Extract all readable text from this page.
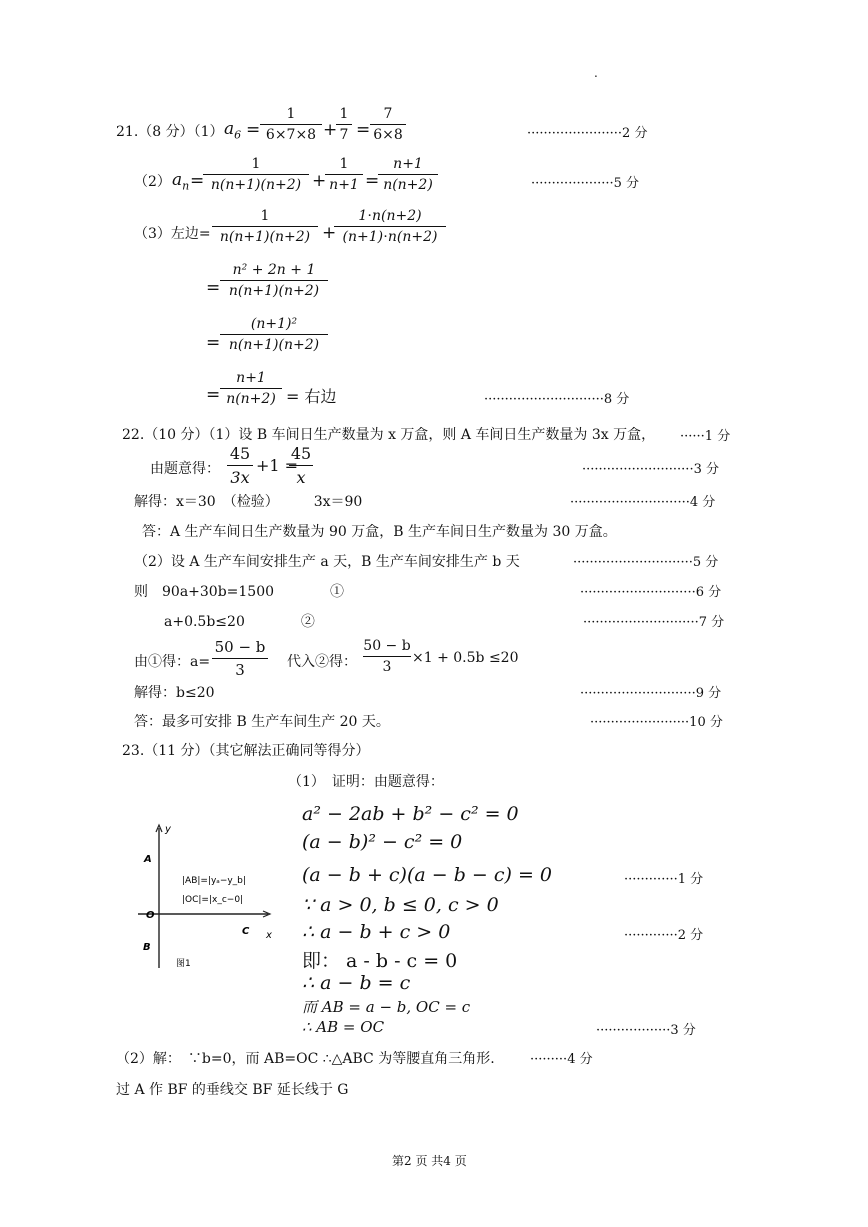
.
21.（8 分）（1） $a_6$ =
1
6×7×8 +
1
7 =
7
6×8	·······················2 分
（2） $a_n$ =
1
n(n+1)(n+2) +
1
n+1 =
n+1
n(n+2)	····················5 分
（3）左边=
1
n(n+1)(n+2) +
1⋅n(n+2)
(n+1)⋅n(n+2)
=
n² + 2n + 1
n(n+1)(n+2)
=
(n+1)²
n(n+1)(n+2)
=
n+1
n(n+2) = 右边	·····························8 分
22.（10 分）（1）设 B 车间日生产数量为 x 万盒，则 A 车间日生产数量为 3x 万盒， ······1 分
由题意得：
45
3x
+1 =
45
x	···························3 分
解得：x＝30　（检验）　　　3x＝90	·····························4 分
答：A 生产车间日生产数量为 90 万盒，B 生产车间日生产数量为 30 万盒。
（2）设 A 生产车间安排生产 a 天，B 生产车间安排生产 b 天	·····························5 分
则　90a+30b=1500　　　　①	····························6 分
a+0.5b≤20　　　　②	····························7 分
由①得：a=
50 − b
3	代入②得：
50 − b
3
×1 + 0.5b ≤20
解得：b≤20	····························9 分
答：最多可安排 B 生产车间生产 20 天。	························10 分
23.（11 分）（其它解法正确同等得分）
（1）　证明：由题意得：
y
x
A
O
B
C
|AB|=|yₐ−y_b|
|OC|=|x_c−0|
图1
a² − 2ab + b² − c² = 0
(a − b)² − c² = 0
(a − b + c)(a − b − c) = 0	·············1 分
∵ a > 0, b ≤ 0, c > 0
∴ a − b + c > 0	·············2 分
即： a - b - c = 0
∴ a − b = c
而 AB = a − b, OC = c
∴ AB = OC	··················3 分
（2）解：　∵b=0，而 AB=OC ∴△ABC 为等腰直角三角形.	·········4 分
过 A 作 BF 的垂线交 BF 延长线于 G
第2 页 共4 页
